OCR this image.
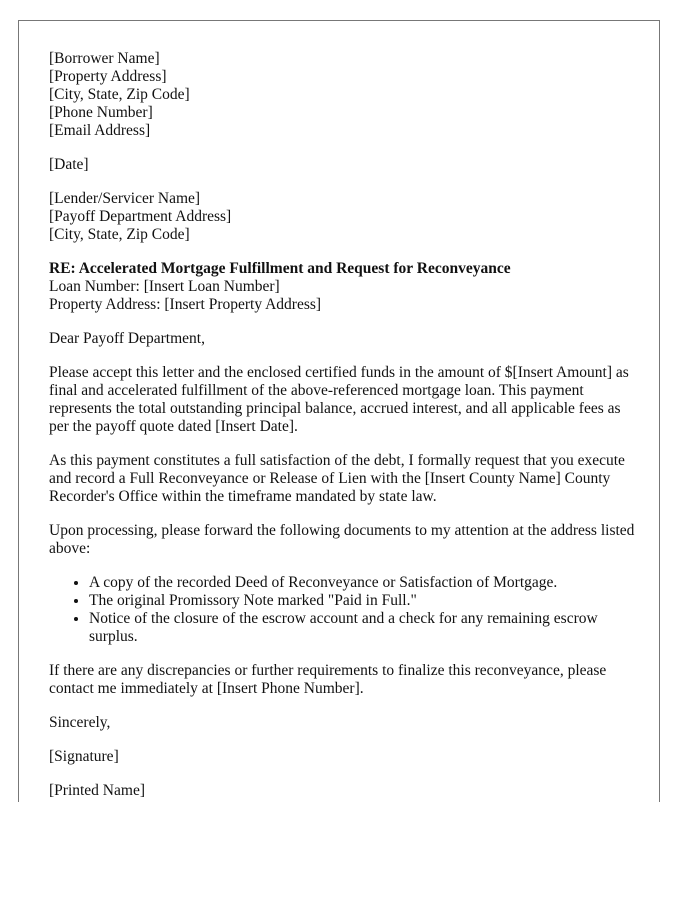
[Borrower Name]
[Property Address]
[City, State, Zip Code]
[Phone Number]
[Email Address]
[Date]
[Lender/Servicer Name]
[Payoff Department Address]
[City, State, Zip Code]
RE: Accelerated Mortgage Fulfillment and Request for Reconveyance
Loan Number: [Insert Loan Number]
Property Address: [Insert Property Address]

Dear Payoff Department,

Please accept this letter and the enclosed certified funds in the amount of $[Insert Amount] as final and accelerated fulfillment of the above-referenced mortgage loan. This payment represents the total outstanding principal balance, accrued interest, and all applicable fees as per the payoff quote dated [Insert Date].

As this payment constitutes a full satisfaction of the debt, I formally request that you execute and record a Full Reconveyance or Release of Lien with the [Insert County Name] County Recorder's Office within the timeframe mandated by state law.

Upon processing, please forward the following documents to my attention at the address listed above:

• A copy of the recorded Deed of Reconveyance or Satisfaction of Mortgage.
• The original Promissory Note marked "Paid in Full."
• Notice of the closure of the escrow account and a check for any remaining escrow surplus.

If there are any discrepancies or further requirements to finalize this reconveyance, please contact me immediately at [Insert Phone Number].

Sincerely,

[Signature]

[Printed Name]
